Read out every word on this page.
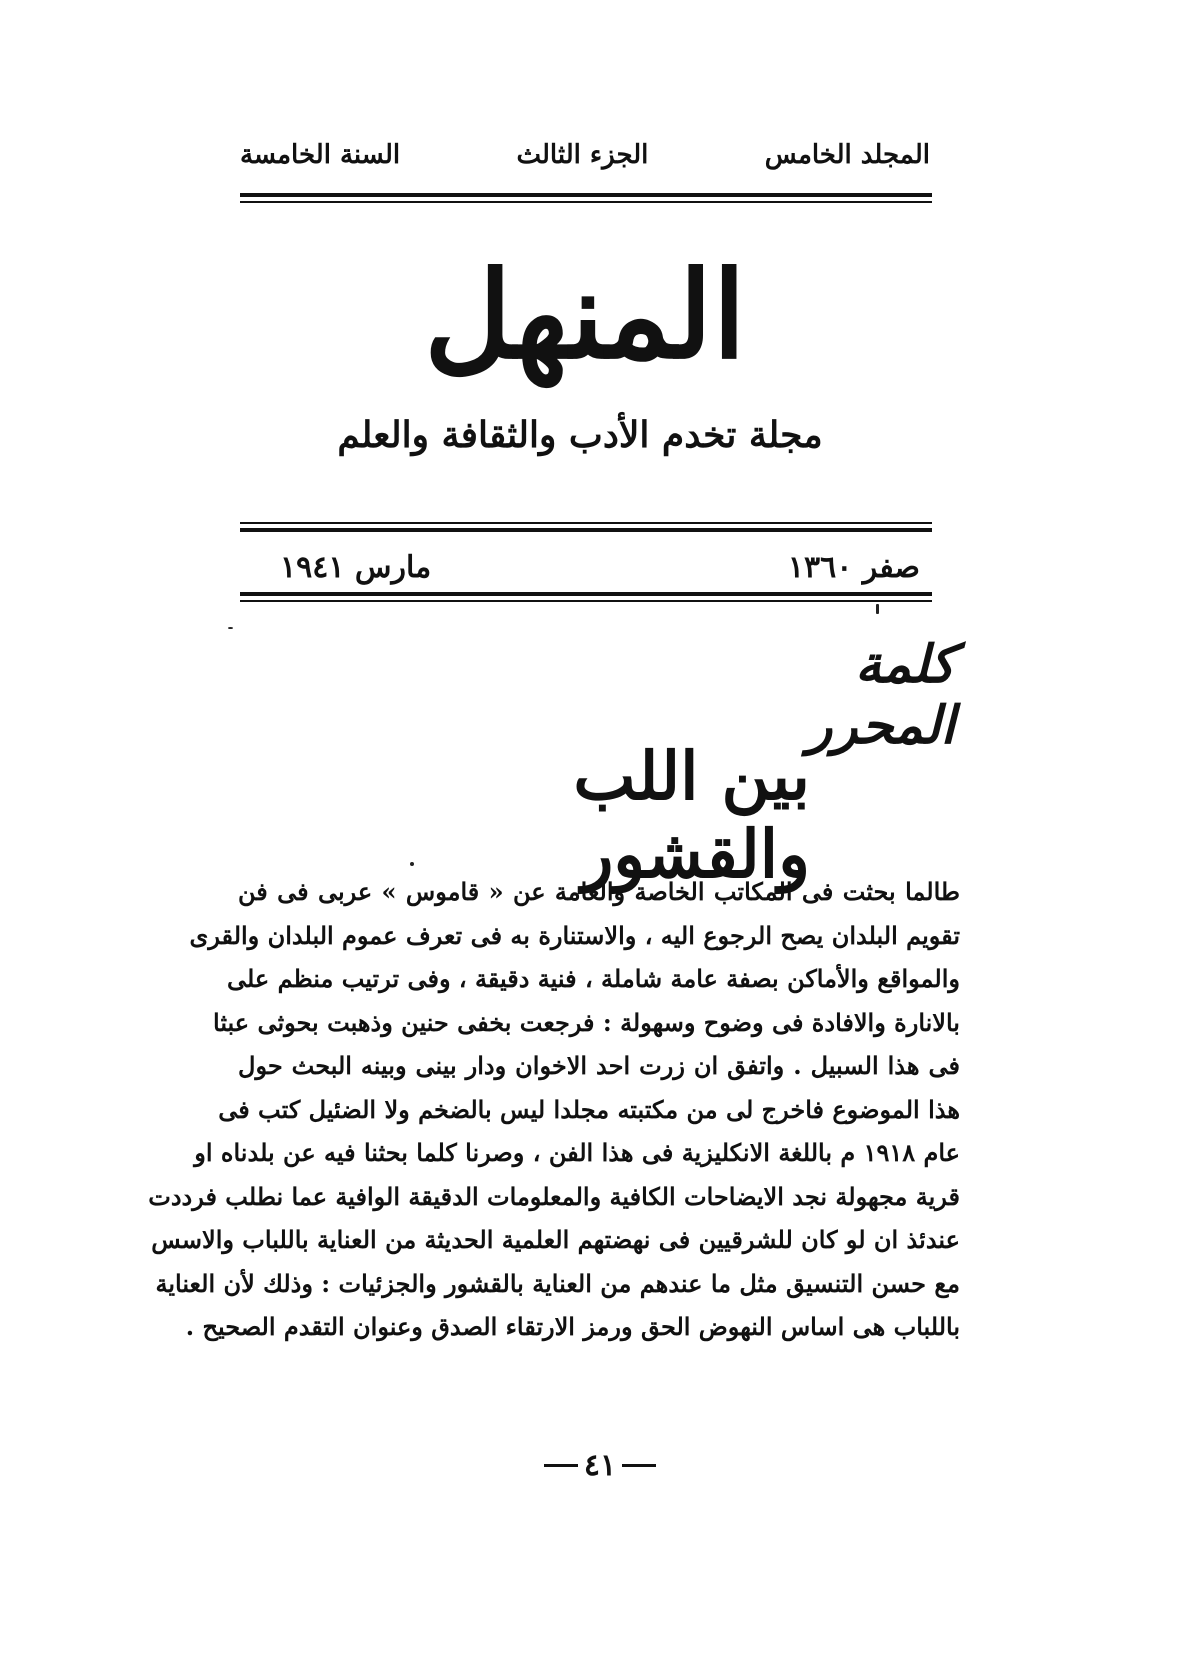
السنة الخامسة	الجزء الثالث	المجلد الخامس
المنهل
مجلة تخدم الأدب والثقافة والعلم
صفر ١٣٦٠
مارس ١٩٤١
كلمة المحرر
بين اللب والقشور
طالما بحثت فى المكاتب الخاصة والعامة عن « قاموس » عربى فى فن
تقويم البلدان يصح الرجوع اليه ، والاستنارة به فى تعرف عموم البلدان والقرى
والمواقع والأماكن بصفة عامة شاملة ، فنية دقيقة ، وفى ترتيب منظم على
بالانارة والافادة فى وضوح وسهولة : فرجعت بخفى حنين وذهبت بحوثى عبثا
فى هذا السبيل . واتفق ان زرت احد الاخوان ودار بينى وبينه البحث حول
هذا الموضوع فاخرج لى من مكتبته مجلدا ليس بالضخم ولا الضئيل كتب فى
عام ١٩١٨ م باللغة الانكليزية فى هذا الفن ، وصرنا كلما بحثنا فيه عن بلدناه او
قرية مجهولة نجد الايضاحات الكافية والمعلومات الدقيقة الوافية عما نطلب فرددت
عندئذ ان لو كان للشرقيين فى نهضتهم العلمية الحديثة من العناية باللباب والاسس
مع حسن التنسيق مثل ما عندهم من العناية بالقشور والجزئيات : وذلك لأن العناية
باللباب هى اساس النهوض الحق ورمز الارتقاء الصدق وعنوان التقدم الصحيح .
٤١
